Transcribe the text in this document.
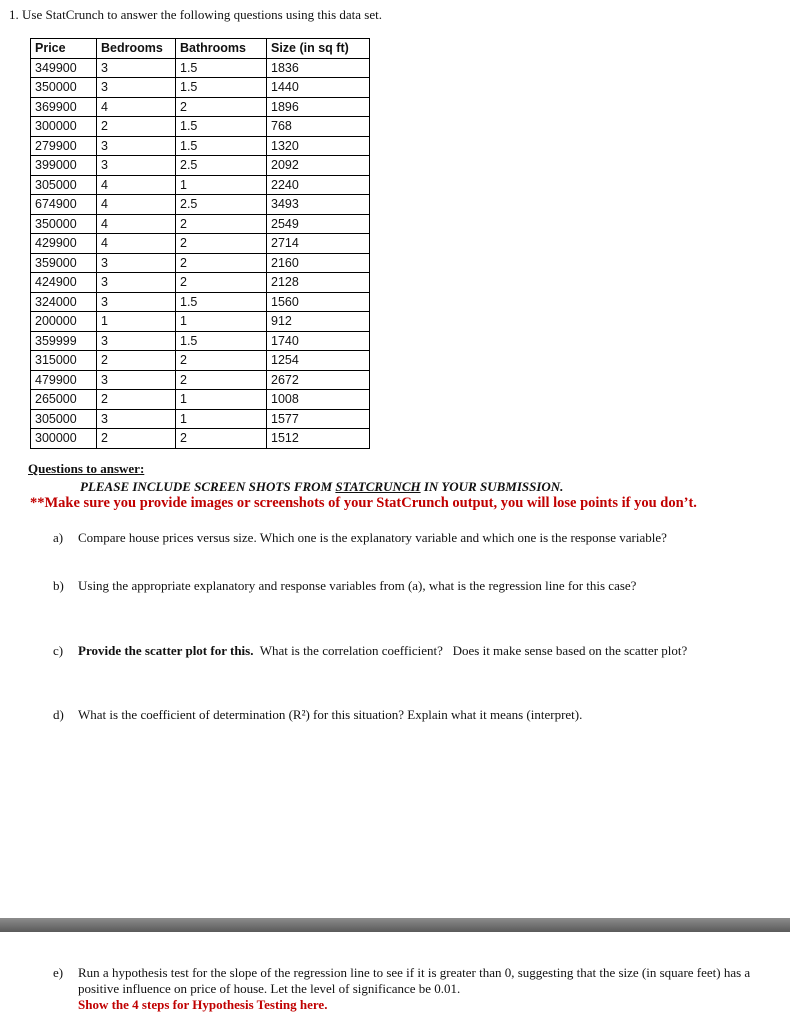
1. Use StatCrunch to answer the following questions using this data set.
Price	Bedrooms	Bathrooms	Size (in sq ft)
349900	3	1.5	1836
350000	3	1.5	1440
369900	4	2	1896
300000	2	1.5	768
279900	3	1.5	1320
399000	3	2.5	2092
305000	4	1	2240
674900	4	2.5	3493
350000	4	2	2549
429900	4	2	2714
359000	3	2	2160
424900	3	2	2128
324000	3	1.5	1560
200000	1	1	912
359999	3	1.5	1740
315000	2	2	1254
479900	3	2	2672
265000	2	1	1008
305000	3	1	1577
300000	2	2	1512
Questions to answer:
PLEASE INCLUDE SCREEN SHOTS FROM STATCRUNCH IN YOUR SUBMISSION.
**Make sure you provide images or screenshots of your StatCrunch output, you will lose points if you don’t.
a) Compare house prices versus size. Which one is the explanatory variable and which one is the response variable?
b) Using the appropriate explanatory and response variables from (a), what is the regression line for this case?
c) Provide the scatter plot for this.  What is the correlation coefficient?   Does it make sense based on the scatter plot?
d) What is the coefficient of determination (R²) for this situation? Explain what it means (interpret).
e) Run a hypothesis test for the slope of the regression line to see if it is greater than 0, suggesting that the size (in square feet) has a positive influence on price of house. Let the level of significance be 0.01.
Show the 4 steps for Hypothesis Testing here.
